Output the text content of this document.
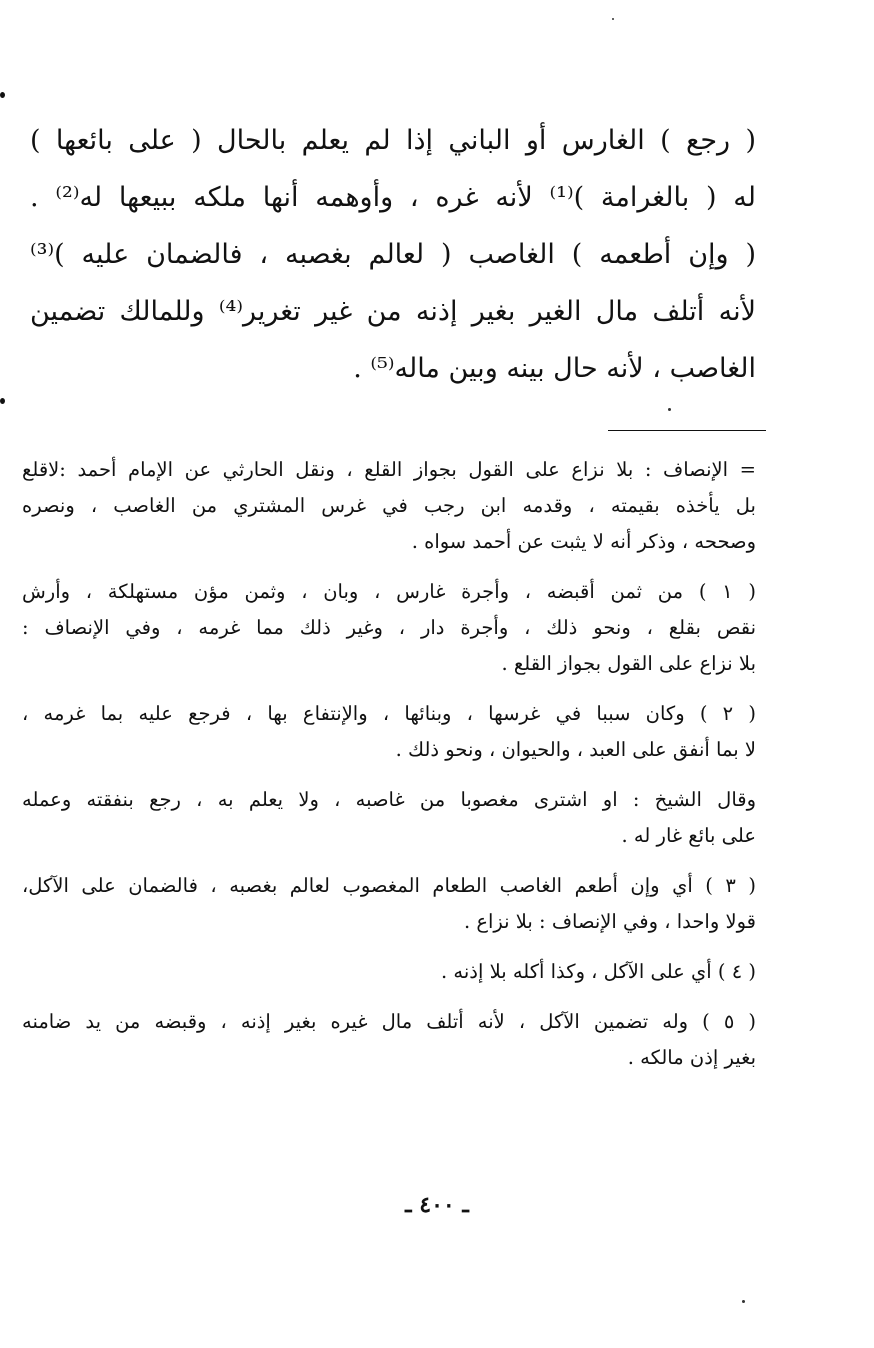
( رجع ) الغارس أو الباني إذا لم يعلم بالحال ( على بائعها )
له ( بالغرامة )⁽¹⁾ لأنه غره ، وأوهمه أنها ملكه ببيعها له⁽²⁾ .
( وإن أطعمه ) الغاصب ( لعالم بغصبه ، فالضمان عليه )⁽³⁾
لأنه أتلف مال الغير بغير إذنه من غير تغرير⁽⁴⁾ وللمالك تضمين
الغاصب ، لأنه حال بينه وبين ماله⁽⁵⁾ .
= الإنصاف : بلا نزاع على القول بجواز القلع ، ونقل الحارثي عن الإمام أحمد :لاقلع
بل يأخذه بقيمته ، وقدمه ابن رجب في غرس المشتري من الغاصب ، ونصره
وصححه ، وذكر أنه لا يثبت عن أحمد سواه .
( ١ ) من ثمن أقبضه ، وأجرة غارس ، وبان ، وثمن مؤن مستهلكة ، وأرش
نقص بقلع ، ونحو ذلك ، وأجرة دار ، وغير ذلك مما غرمه ، وفي الإنصاف :
بلا نزاع على القول بجواز القلع .
( ٢ ) وكان سببا في غرسها ، وبنائها ، والإنتفاع بها ، فرجع عليه بما غرمه ،
لا بما أنفق على العبد ، والحيوان ، ونحو ذلك .
وقال الشيخ : او اشترى مغصوبا من غاصبه ، ولا يعلم به ، رجع بنفقته وعمله
على بائع غار له .
( ٣ ) أي وإن أطعم الغاصب الطعام المغصوب لعالم بغصبه ، فالضمان على الآكل،
قولا واحدا ، وفي الإنصاف : بلا نزاع .
( ٤ ) أي على الآكل ، وكذا أكله بلا إذنه .
( ٥ ) وله تضمين الآكل ، لأنه أتلف مال غيره بغير إذنه ، وقبضه من يد ضامنه
بغير إذن مالكه .
ـ ٤٠٠ ـ
